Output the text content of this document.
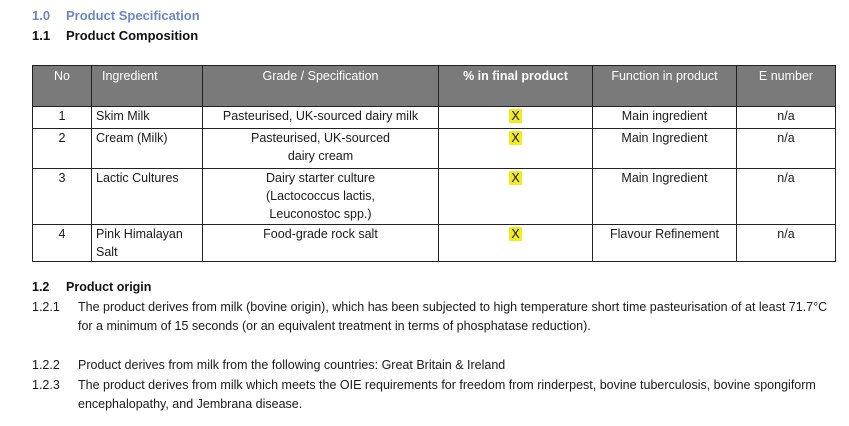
1.0 Product Specification
1.1 Product Composition
No	Ingredient	Grade / Specification	% in final product	Function in product	E number
1	Skim Milk	Pasteurised, UK-sourced dairy milk	X	Main ingredient	n/a
2	Cream (Milk)	Pasteurised, UK-sourced dairy cream	X	Main Ingredient	n/a
3	Lactic Cultures	Dairy starter culture (Lactococcus lactis, Leuconostoc spp.)	X	Main Ingredient	n/a
4	Pink Himalayan Salt	Food-grade rock salt	X	Flavour Refinement	n/a
1.2 Product origin
1.2.1 The product derives from milk (bovine origin), which has been subjected to high temperature short time pasteurisation of at least 71.7°C for a minimum of 15 seconds (or an equivalent treatment in terms of phosphatase reduction).
1.2.2 Product derives from milk from the following countries: Great Britain & Ireland
1.2.3 The product derives from milk which meets the OIE requirements for freedom from rinderpest, bovine tuberculosis, bovine spongiform encephalopathy, and Jembrana disease.
